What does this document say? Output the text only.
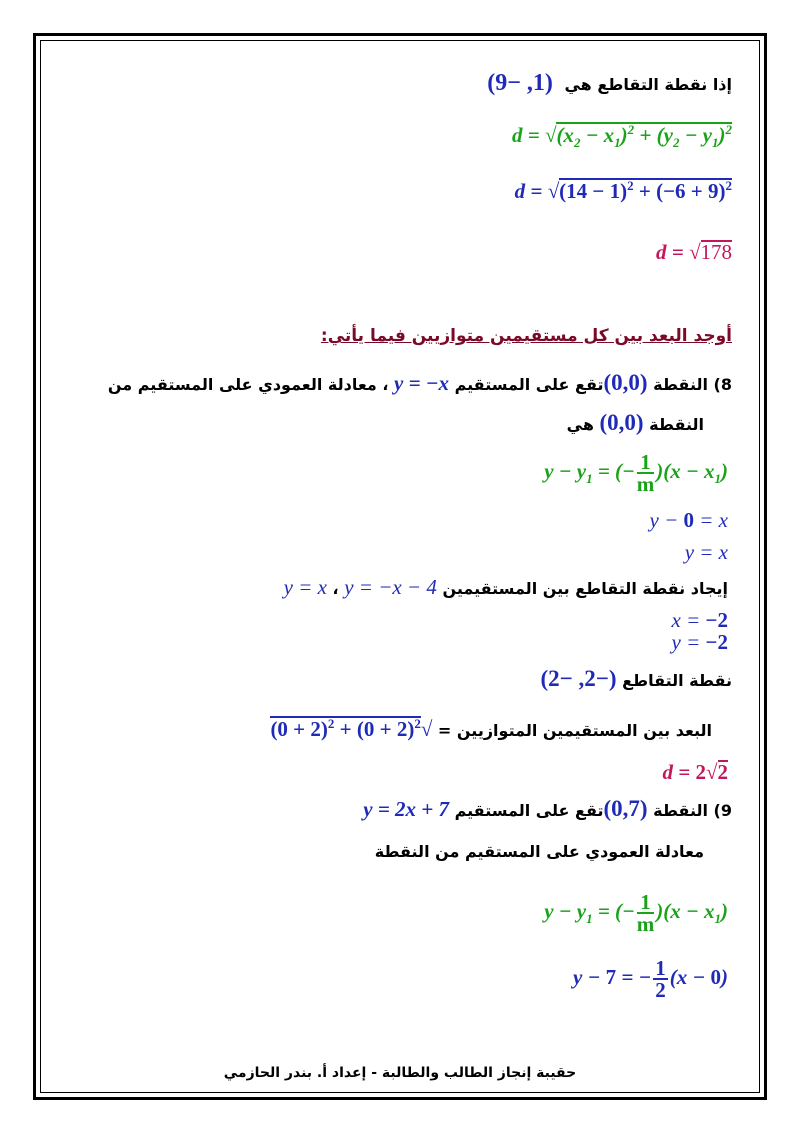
إذا نقطة التقاطع هي (1, −9)
d = √
$(x_2 - x_1)^2 + (y_2 - y_1)^2$
d = √
$(14 - 1)^2 + (-6 + 9)^2$
d = √
178
أوجد البعد بين كل مستقيمين متوازيين فيما يأتي:
8) النقطة (0,0)تقع على المستقيم y = −x ، معادلة العمودي على المستقيم من
النقطة (0,0) هي
$y - y_1$ = (− $\frac{1}{m} )(x - x_1)$
y − 0 = x
y = x
إيجاد نقطة التقاطع بين المستقيمين y = x ، y = −x − 4
x = −2
y = −2
نقطة التقاطع (−2, −2)
البعد بين المستقيمين المتوازيين = √
$(0 + 2)^2 + (0 + 2)^2$
d = 2√
2
9) النقطة (0,7)تقع على المستقيم y = 2x + 7
معادلة العمودي على المستقيم من النقطة
$y - y_1$ = (− $\frac{1}{m} )(x - x_1)$
y − 7 = − $\frac{1}{2} (x - 0)$
حقيبة إنجاز الطالب والطالبة - إعداد أ. بندر الحازمي
